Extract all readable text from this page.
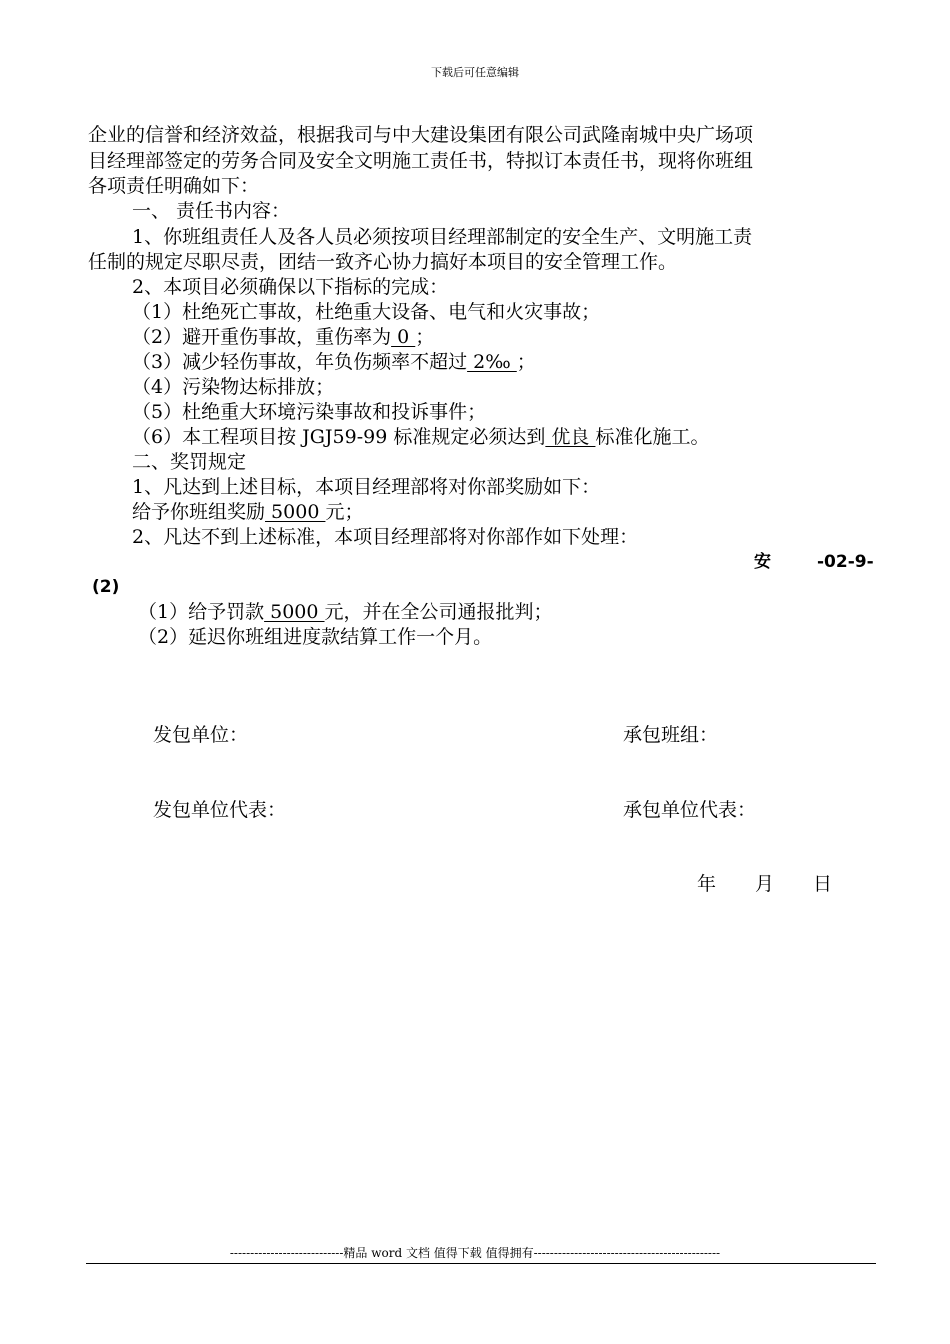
下载后可任意编辑
企业的信誉和经济效益，根据我司与中大建设集团有限公司武隆南城中央广场项
目经理部签定的劳务合同及安全文明施工责任书，特拟订本责任书，现将你班组
各项责任明确如下：
一、 责任书内容：
1、你班组责任人及各人员必须按项目经理部制定的安全生产、文明施工责
任制的规定尽职尽责，团结一致齐心协力搞好本项目的安全管理工作。
2、本项目必须确保以下指标的完成：
（1）杜绝死亡事故，杜绝重大设备、电气和火灾事故；
（2）避开重伤事故，重伤率为 0 ；
（3）减少轻伤事故，年负伤频率不超过 2‰ ；
（4）污染物达标排放；
（5）杜绝重大环境污染事故和投诉事件；
（6）本工程项目按 JGJ59-99 标准规定必须达到 优良 标准化施工。
二、奖罚规定
1、凡达到上述目标，本项目经理部将对你部奖励如下：
给予你班组奖励 5000 元；
2、凡达不到上述标准，本项目经理部将对你部作如下处理：
安	-02-9-
(2)
（1）给予罚款 5000 元，并在全公司通报批判；
（2）延迟你班组进度款结算工作一个月。
发包单位：	承包班组：
发包单位代表：	承包单位代表：
年 月 日
----------------------------精品 word 文档 值得下载 值得拥有----------------------------------------------
